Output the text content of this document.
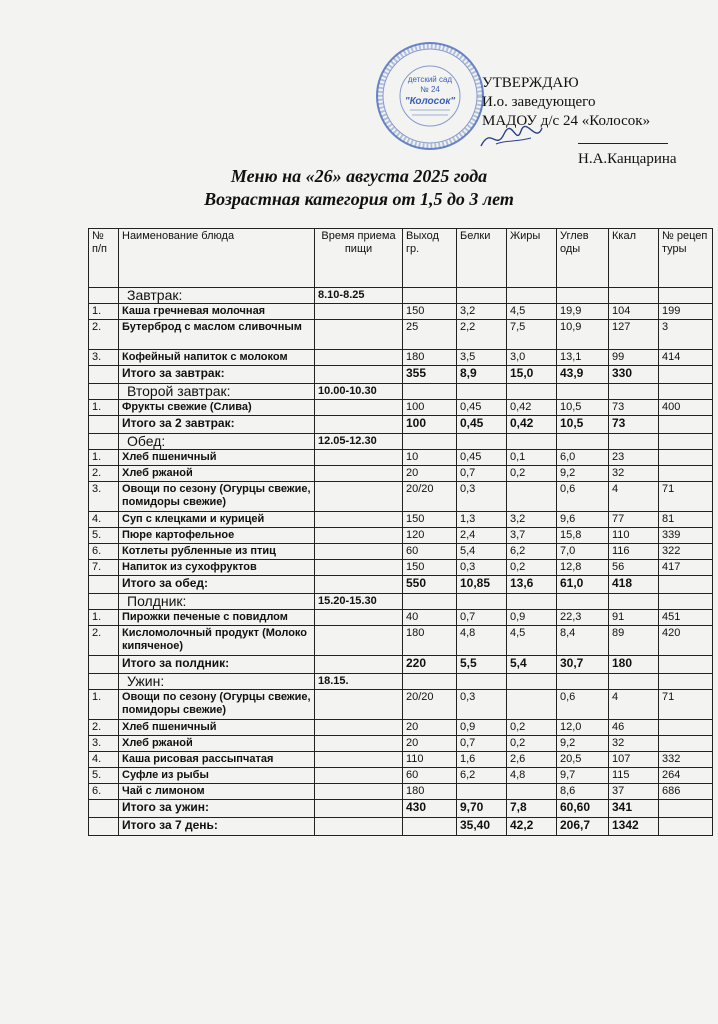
детский сад
№ 24
"Колосок"
УТВЕРЖДАЮ
И.о. заведующего
МАДОУ д/с 24 «Колосок»
Н.А.Канцарина
Меню на «26» августа 2025 года
Возрастная категория от 1,5 до 3 лет
№ п/п	Наименование блюда	Время приема пищи	Выход гр.	Белки	Жиры	Углев оды	Ккал	№ рецеп туры
	Завтрак:	8.10-8.25						
1.	Каша гречневая молочная		150	3,2	4,5	19,9	104	199
2.	Бутерброд с маслом сливочным		25	2,2	7,5	10,9	127	3
3.	Кофейный напиток с молоком		180	3,5	3,0	13,1	99	414
	Итого за завтрак:		355	8,9	15,0	43,9	330	
	Второй завтрак:	10.00-10.30						
1.	Фрукты свежие (Слива)		100	0,45	0,42	10,5	73	400
	Итого за 2 завтрак:		100	0,45	0,42	10,5	73	
	Обед:	12.05-12.30						
1.	Хлеб пшеничный		10	0,45	0,1	6,0	23	
2.	Хлеб ржаной		20	0,7	0,2	9,2	32	
3.	Овощи по сезону (Огурцы свежие, помидоры свежие)		20/20	0,3		0,6	4	71
4.	Суп с клецками и курицей		150	1,3	3,2	9,6	77	81
5.	Пюре картофельное		120	2,4	3,7	15,8	110	339
6.	Котлеты рубленные из птиц		60	5,4	6,2	7,0	116	322
7.	Напиток из сухофруктов		150	0,3	0,2	12,8	56	417
	Итого за обед:		550	10,85	13,6	61,0	418	
	Полдник:	15.20-15.30						
1.	Пирожки печеные с повидлом		40	0,7	0,9	22,3	91	451
2.	Кисломолочный продукт (Молоко кипяченое)		180	4,8	4,5	8,4	89	420
	Итого за полдник:		220	5,5	5,4	30,7	180	
	Ужин:	18.15.						
1.	Овощи по сезону (Огурцы свежие, помидоры свежие)		20/20	0,3		0,6	4	71
2.	Хлеб пшеничный		20	0,9	0,2	12,0	46	
3.	Хлеб ржаной		20	0,7	0,2	9,2	32	
4.	Каша рисовая рассыпчатая		110	1,6	2,6	20,5	107	332
5.	Суфле из рыбы		60	6,2	4,8	9,7	115	264
6.	Чай с лимоном		180			8,6	37	686
	Итого за ужин:		430	9,70	7,8	60,60	341	
	Итого за 7 день:			35,40	42,2	206,7	1342	
